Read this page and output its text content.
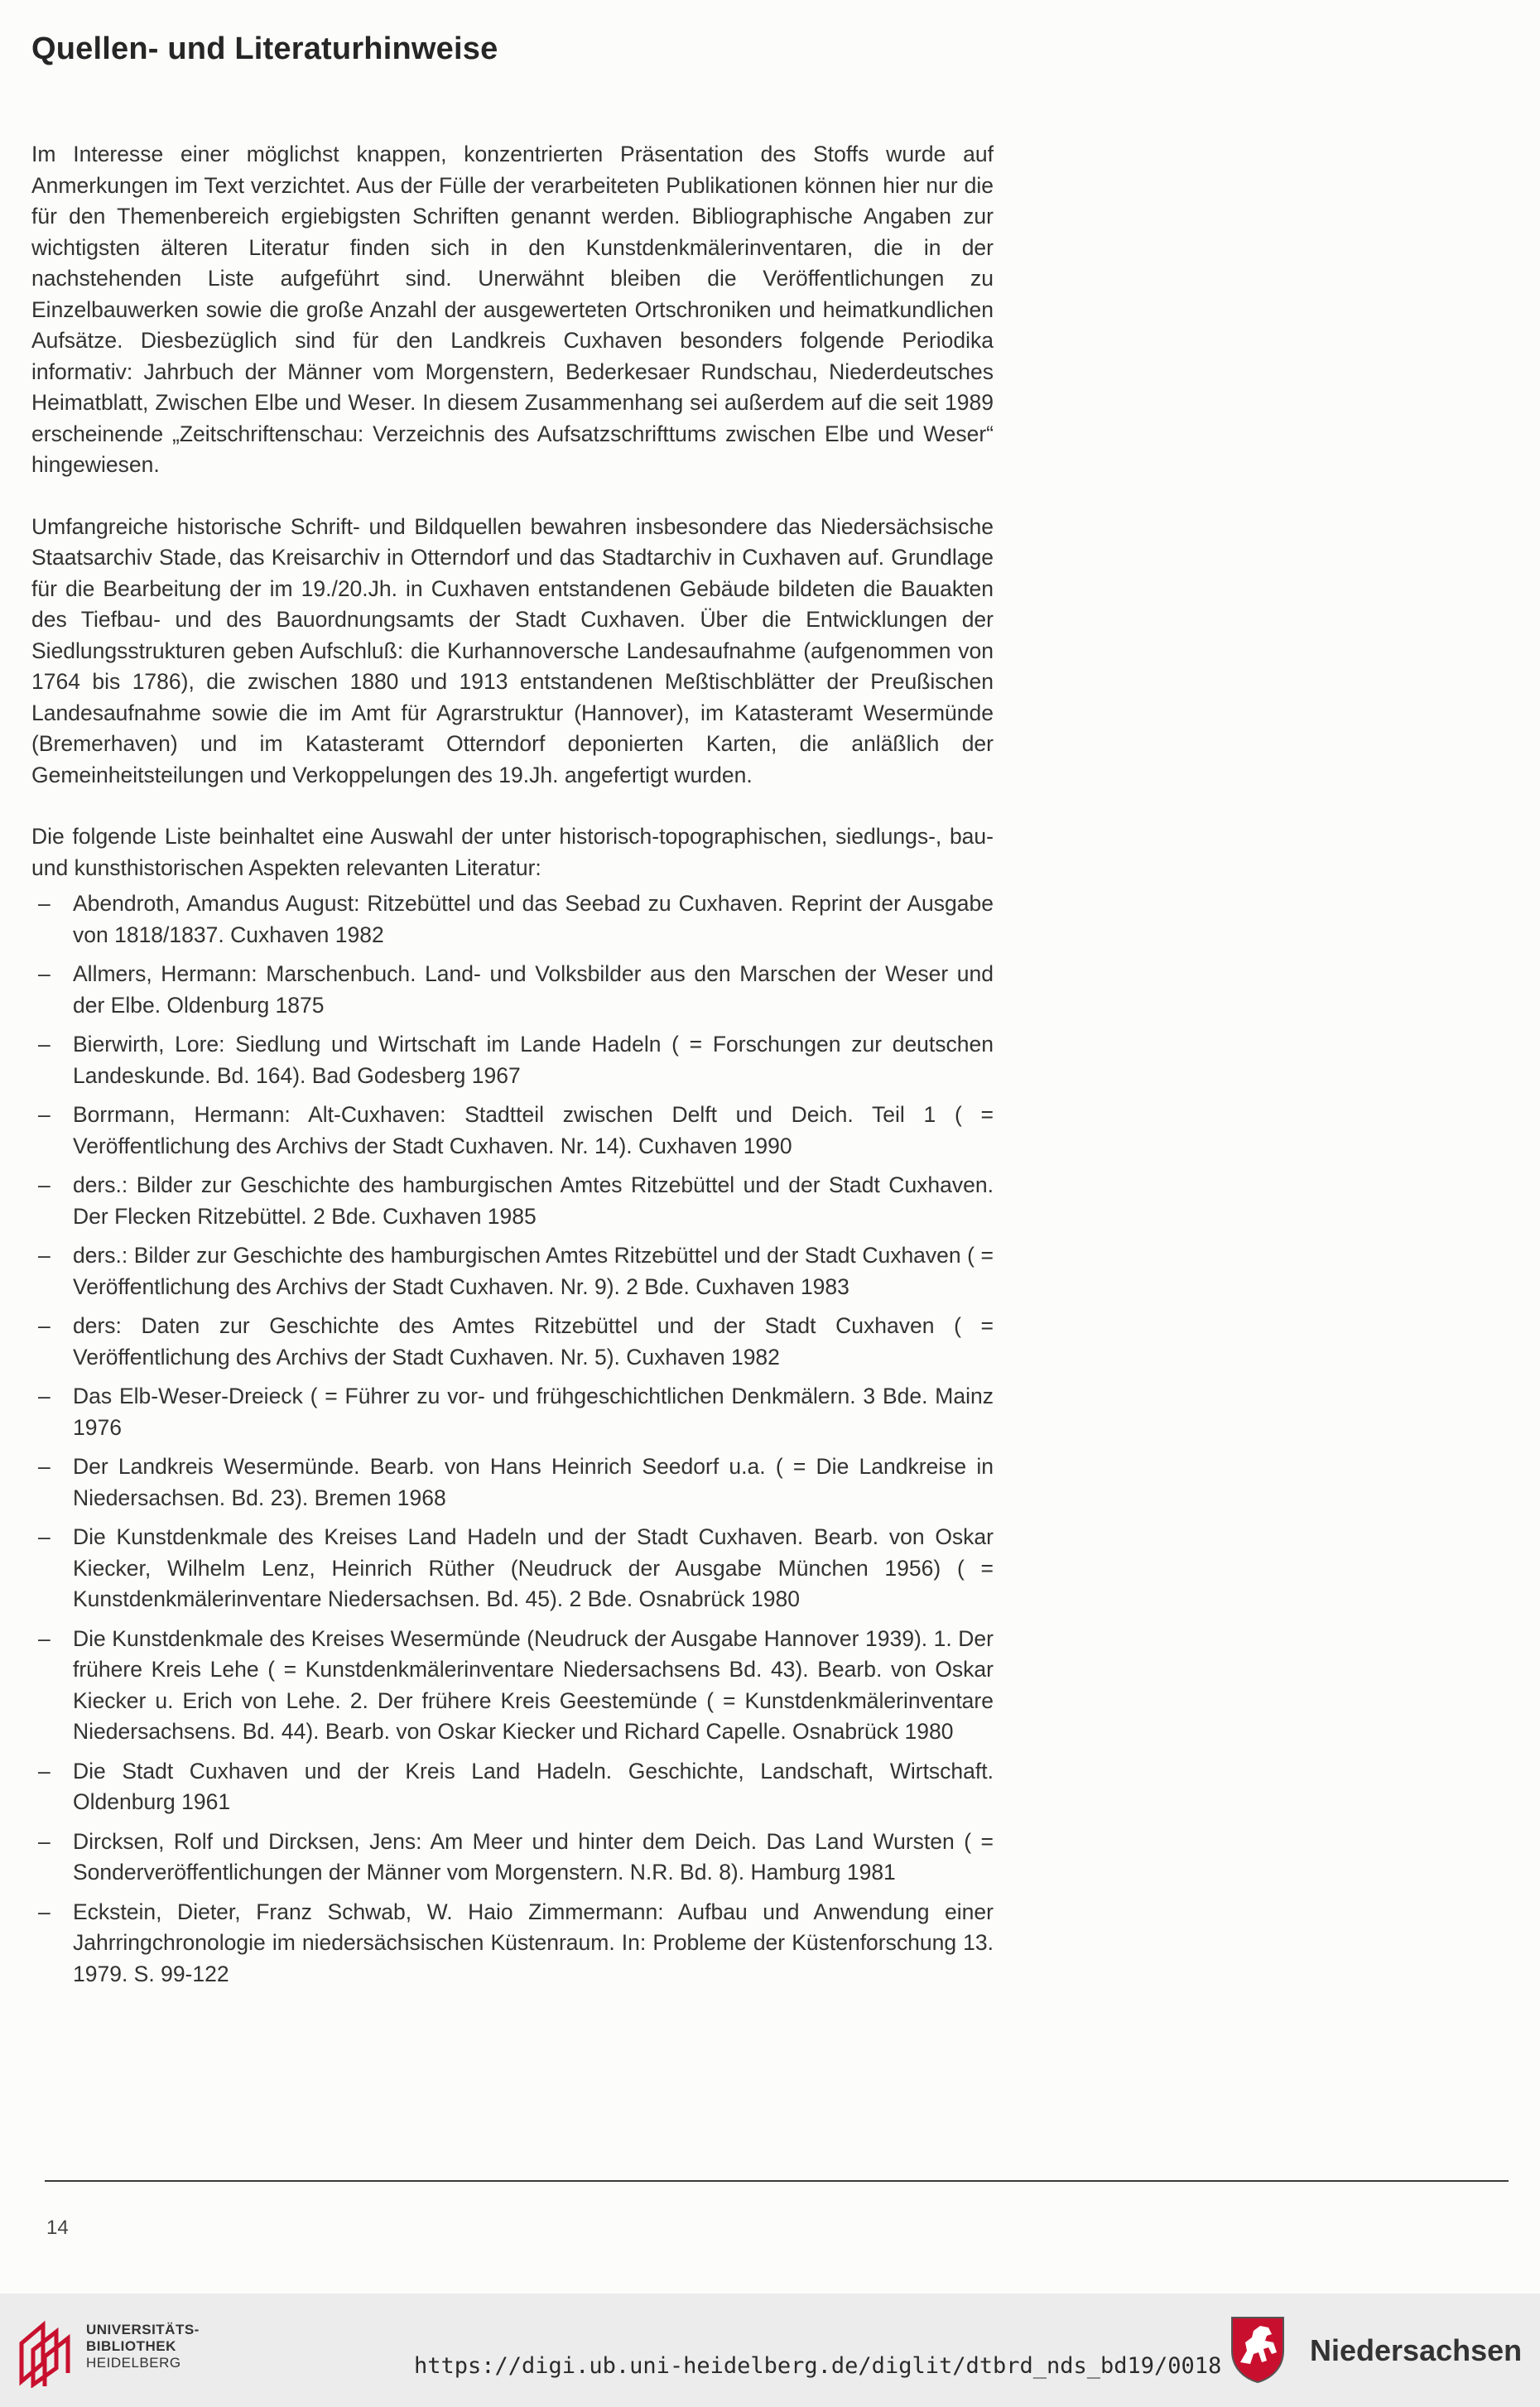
Quellen- und Literaturhinweise

Im Interesse einer möglichst knappen, konzentrierten Präsentation des Stoffs wurde auf Anmerkungen im Text verzichtet. Aus der Fülle der verarbeiteten Publikationen können hier nur die für den Themenbereich ergiebigsten Schriften genannt werden. Bibliographische Angaben zur wichtigsten älteren Literatur finden sich in den Kunstdenkmälerinventaren, die in der nachstehenden Liste aufgeführt sind. Unerwähnt bleiben die Veröffentlichungen zu Einzelbauwerken sowie die große Anzahl der ausgewerteten Ortschroniken und heimatkundlichen Aufsätze. Diesbezüglich sind für den Landkreis Cuxhaven besonders folgende Periodika informativ: Jahrbuch der Männer vom Morgenstern, Bederkesaer Rundschau, Niederdeutsches Heimatblatt, Zwischen Elbe und Weser. In diesem Zusammenhang sei außerdem auf die seit 1989 erscheinende „Zeitschriftenschau: Verzeichnis des Aufsatzschrifttums zwischen Elbe und Weser“ hingewiesen.

Umfangreiche historische Schrift- und Bildquellen bewahren insbesondere das Niedersächsische Staatsarchiv Stade, das Kreisarchiv in Otterndorf und das Stadtarchiv in Cuxhaven auf. Grundlage für die Bearbeitung der im 19./20.Jh. in Cuxhaven entstandenen Gebäude bildeten die Bauakten des Tiefbau- und des Bauordnungsamts der Stadt Cuxhaven. Über die Entwicklungen der Siedlungsstrukturen geben Aufschluß: die Kurhannoversche Landesaufnahme (aufgenommen von 1764 bis 1786), die zwischen 1880 und 1913 entstandenen Meßtischblätter der Preußischen Landesaufnahme sowie die im Amt für Agrarstruktur (Hannover), im Katasteramt Wesermünde (Bremerhaven) und im Katasteramt Otterndorf deponierten Karten, die anläßlich der Gemeinheitsteilungen und Verkoppelungen des 19.Jh. angefertigt wurden.

Die folgende Liste beinhaltet eine Auswahl der unter historisch-topographischen, siedlungs-, bau- und kunsthistorischen Aspekten relevanten Literatur:

– Abendroth, Amandus August: Ritzebüttel und das Seebad zu Cuxhaven. Reprint der Ausgabe von 1818/1837. Cuxhaven 1982
– Allmers, Hermann: Marschenbuch. Land- und Volksbilder aus den Marschen der Weser und der Elbe. Oldenburg 1875
– Bierwirth, Lore: Siedlung und Wirtschaft im Lande Hadeln ( = Forschungen zur deutschen Landeskunde. Bd. 164). Bad Godesberg 1967
– Borrmann, Hermann: Alt-Cuxhaven: Stadtteil zwischen Delft und Deich. Teil 1 ( = Veröffentlichung des Archivs der Stadt Cuxhaven. Nr. 14). Cuxhaven 1990
– ders.: Bilder zur Geschichte des hamburgischen Amtes Ritzebüttel und der Stadt Cuxhaven. Der Flecken Ritzebüttel. 2 Bde. Cuxhaven 1985
– ders.: Bilder zur Geschichte des hamburgischen Amtes Ritzebüttel und der Stadt Cuxhaven ( = Veröffentlichung des Archivs der Stadt Cuxhaven. Nr. 9). 2 Bde. Cuxhaven 1983
– ders: Daten zur Geschichte des Amtes Ritzebüttel und der Stadt Cuxhaven ( = Veröffentlichung des Archivs der Stadt Cuxhaven. Nr. 5). Cuxhaven 1982
– Das Elb-Weser-Dreieck ( = Führer zu vor- und frühgeschichtlichen Denkmälern. 3 Bde. Mainz 1976
– Der Landkreis Wesermünde. Bearb. von Hans Heinrich Seedorf u.a. ( = Die Landkreise in Niedersachsen. Bd. 23). Bremen 1968
– Die Kunstdenkmale des Kreises Land Hadeln und der Stadt Cuxhaven. Bearb. von Oskar Kiecker, Wilhelm Lenz, Heinrich Rüther (Neudruck der Ausgabe München 1956) ( = Kunstdenkmälerinventare Niedersachsen. Bd. 45). 2 Bde. Osnabrück 1980
– Die Kunstdenkmale des Kreises Wesermünde (Neudruck der Ausgabe Hannover 1939). 1. Der frühere Kreis Lehe ( = Kunstdenkmälerinventare Niedersachsens Bd. 43). Bearb. von Oskar Kiecker u. Erich von Lehe. 2. Der frühere Kreis Geestemünde ( = Kunstdenkmälerinventare Niedersachsens. Bd. 44). Bearb. von Oskar Kiecker und Richard Capelle. Osnabrück 1980
– Die Stadt Cuxhaven und der Kreis Land Hadeln. Geschichte, Landschaft, Wirtschaft. Oldenburg 1961
– Dircksen, Rolf und Dircksen, Jens: Am Meer und hinter dem Deich. Das Land Wursten ( = Sonderveröffentlichungen der Männer vom Morgenstern. N.R. Bd. 8). Hamburg 1981
– Eckstein, Dieter, Franz Schwab, W. Haio Zimmermann: Aufbau und Anwendung einer Jahrringchronologie im niedersächsischen Küstenraum. In: Probleme der Küstenforschung 13. 1979. S. 99-122
14
UNIVERSITÄTS-
BIBLIOTHEK
HEIDELBERG	https://digi.ub.uni-heidelberg.de/diglit/dtbrd_nds_bd19/0018	Niedersachsen
